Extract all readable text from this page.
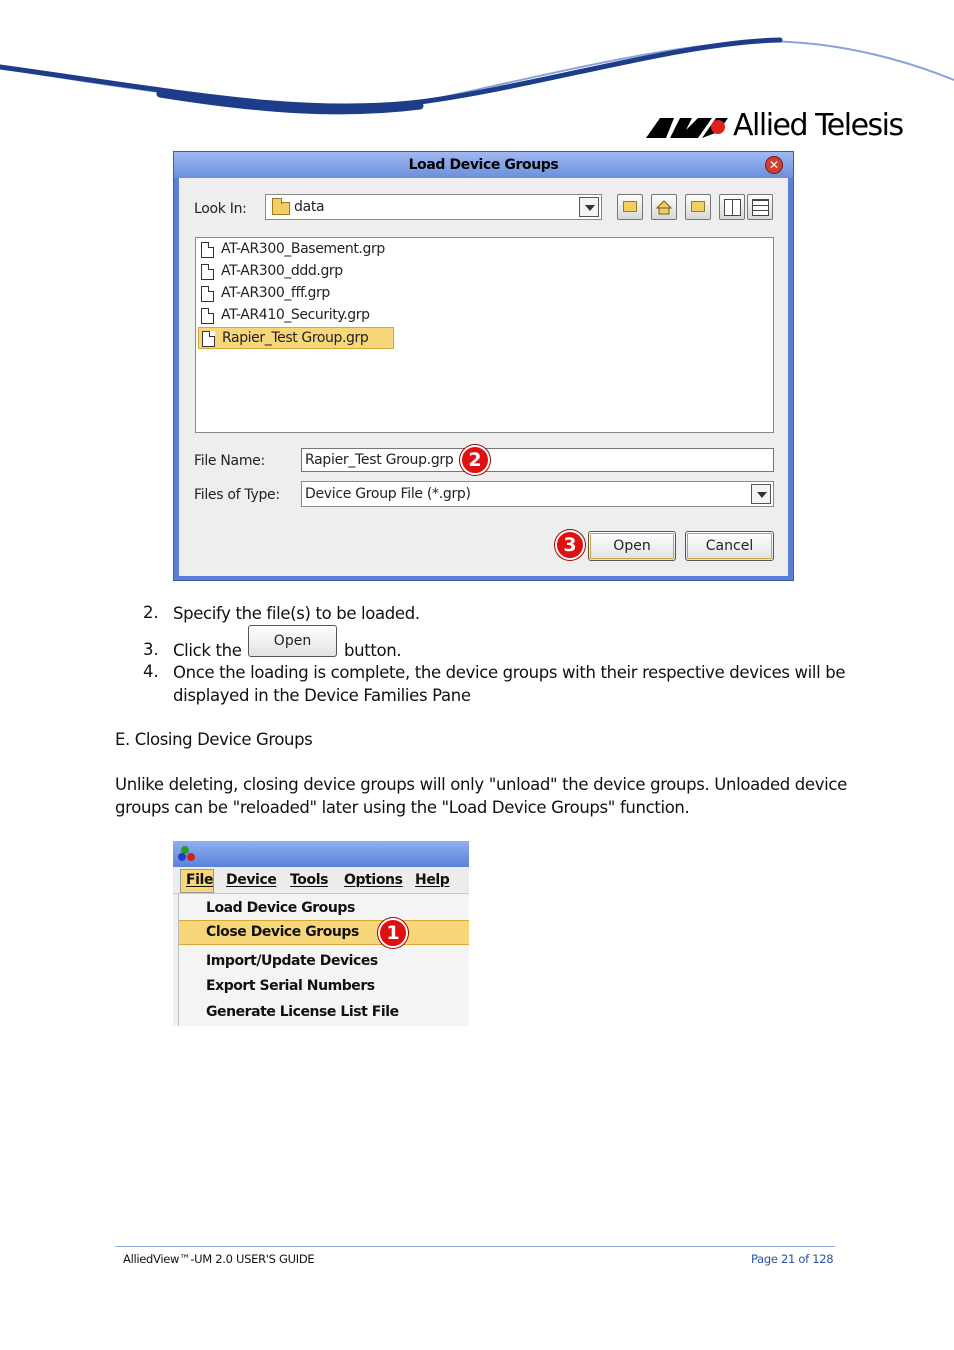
Allied Telesis
Load Device Groups	✕
Look In:	data
AT-AR300_Basement.grp
AT-AR300_ddd.grp
AT-AR300_fff.grp
AT-AR410_Security.grp
Rapier_Test Group.grp
File Name:	Rapier_Test Group.grp 2
Files of Type: Device Group File (*.grp)
3	Open	Cancel
2. Specify the file(s) to be loaded.
3. Click the	Open	button.
4. Once the loading is complete, the device groups with their respective devices will be
displayed in the Device Families Pane
E. Closing Device Groups
Unlike deleting, closing device groups will only "unload" the device groups. Unloaded device
groups can be "reloaded" later using the "Load Device Groups" function.
File Device Tools Options Help
Load Device Groups
Close Device Groups
Import/Update Devices
Export Serial Numbers
Generate License List File
1
AlliedView™-UM 2.0 USER'S GUIDE	Page 21 of 128
